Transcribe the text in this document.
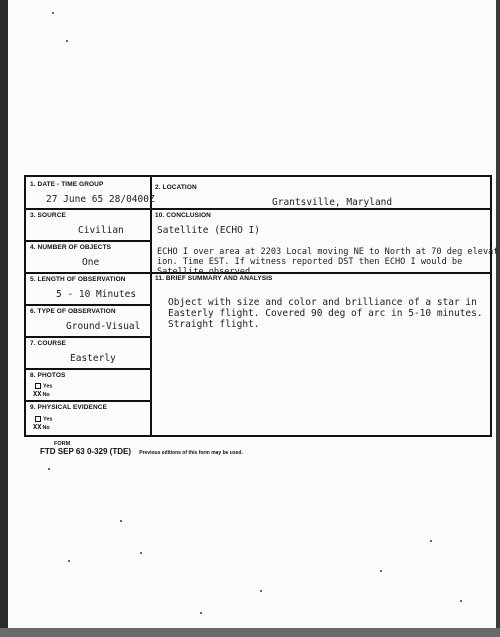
1. DATE - TIME GROUP
27 June 65 28/0400Z
2. LOCATION
Grantsville, Maryland
3. SOURCE
Civilian
10. CONCLUSION
Satellite (ECHO I)
ECHO I over area at 2203 Local moving NE to North at 70 deg elevat
ion. Time EST. If witness reported DST then ECHO I would be
4. NUMBER OF OBJECTS
One
11. BRIEF SUMMARY AND ANALYSIS
Object with size and color and brilliance of a star in
Easterly flight. Covered 90 deg of arc in 5-10 minutes.
Straight flight.
5. LENGTH OF OBSERVATION
5 - 10 Minutes
6. TYPE OF OBSERVATION
Ground-Visual
7. COURSE
Easterly
8. PHOTOS
Yes
XXNo
9. PHYSICAL EVIDENCE
Yes
XXNo
FORM
FTD SEP 63 0-329 (TDE) Previous editions of this form may be used.
